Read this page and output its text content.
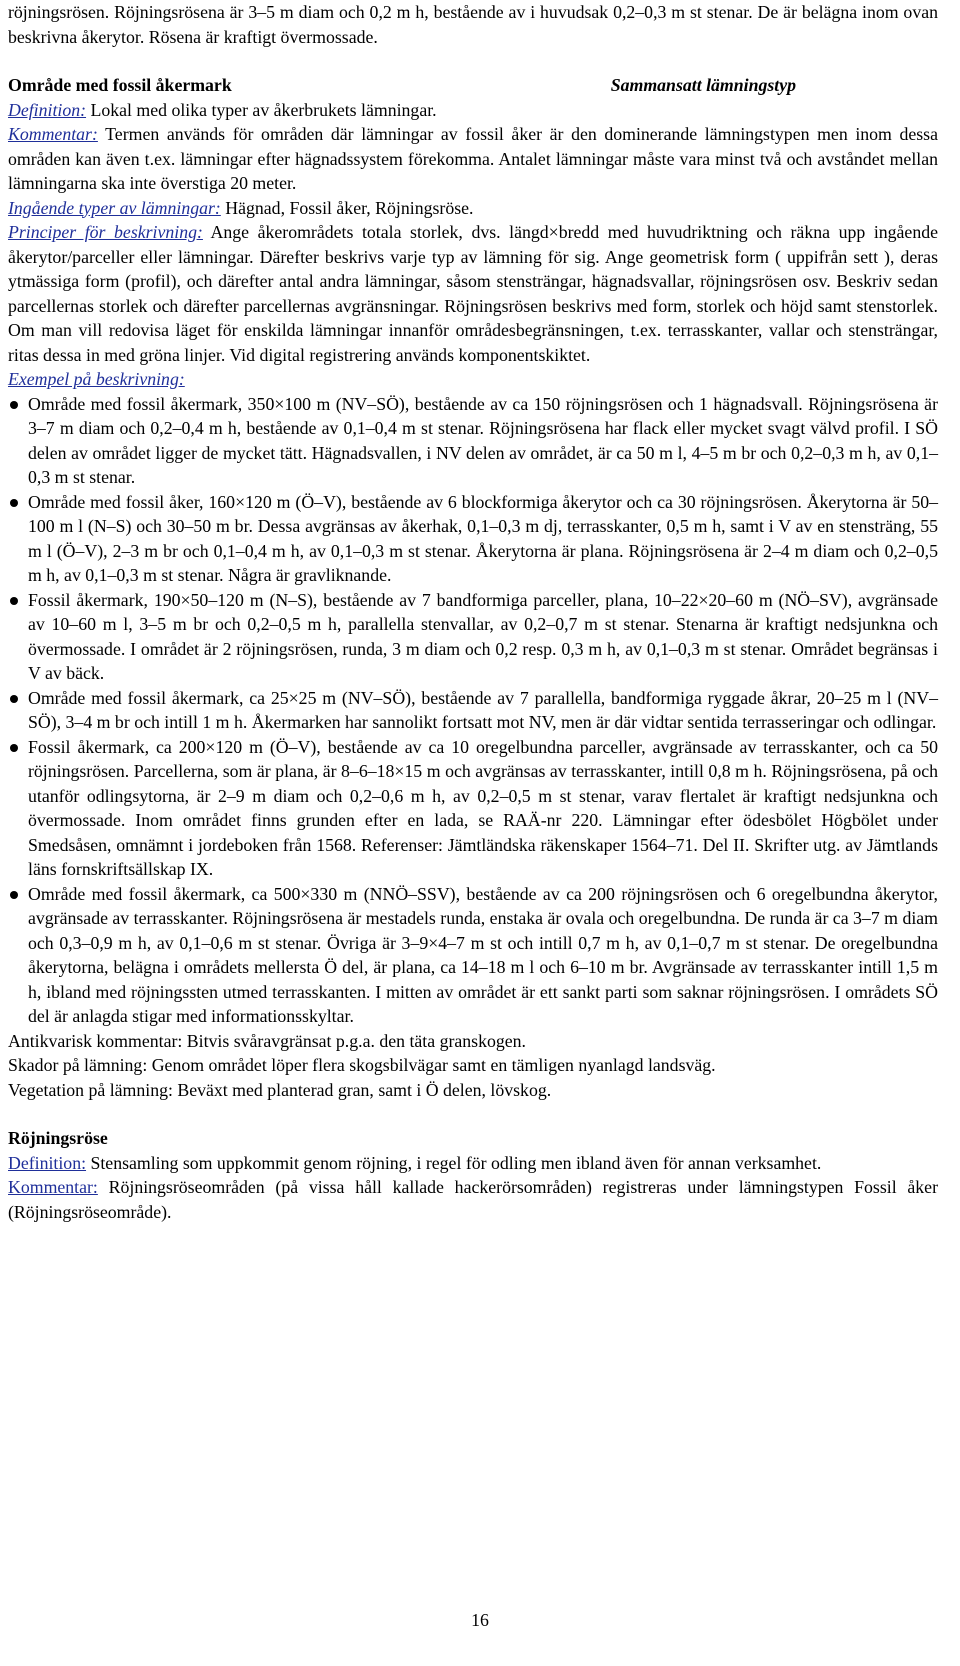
röjningsrösen. Röjningsrösena är 3–5 m diam och 0,2 m h, bestående av i huvudsak 0,2–0,3 m st stenar. De är belägna inom ovan beskrivna åkerytor. Rösena är kraftigt övermossade.

Område med fossil åkermark	Sammansatt lämningstyp

Definition: Lokal med olika typer av åkerbrukets lämningar.

Kommentar: Termen används för områden där lämningar av fossil åker är den dominerande lämningstypen men inom dessa områden kan även t.ex. lämningar efter hägnadssystem förekomma. Antalet lämningar måste vara minst två och avståndet mellan lämningarna ska inte överstiga 20 meter.

Ingående typer av lämningar: Hägnad, Fossil åker, Röjningsröse.

Principer för beskrivning: Ange åkerområdets totala storlek, dvs. längd×bredd med huvudriktning och räkna upp ingående åkerytor/parceller eller lämningar. Därefter beskrivs varje typ av lämning för sig. Ange geometrisk form ( uppifrån sett ), deras ytmässiga form (profil), och därefter antal andra lämningar, såsom stensträngar, hägnadsvallar, röjningsrösen osv. Beskriv sedan parcellernas storlek och därefter parcellernas avgränsningar. Röjningsrösen beskrivs med form, storlek och höjd samt stenstorlek. Om man vill redovisa läget för enskilda lämningar innanför områdesbegränsningen, t.ex. terrasskanter, vallar och stensträngar, ritas dessa in med gröna linjer. Vid digital registrering används komponentskiktet.

Exempel på beskrivning:

Område med fossil åkermark, 350×100 m (NV–SÖ), bestående av ca 150 röjningsrösen och 1 hägnadsvall. Röjningsrösena är 3–7 m diam och 0,2–0,4 m h, bestående av 0,1–0,4 m st stenar. Röjningsrösena har flack eller mycket svagt välvd profil. I SÖ delen av området ligger de mycket tätt. Hägnadsvallen, i NV delen av området, är ca 50 m l, 4–5 m br och 0,2–0,3 m h, av 0,1–0,3 m st stenar.

Område med fossil åker, 160×120 m (Ö–V), bestående av 6 blockformiga åkerytor och ca 30 röjningsrösen. Åkerytorna är 50–100 m l (N–S) och 30–50 m br. Dessa avgränsas av åkerhak, 0,1–0,3 m dj, terrasskanter, 0,5 m h, samt i V av en stensträng, 55 m l (Ö–V), 2–3 m br och 0,1–0,4 m h, av 0,1–0,3 m st stenar. Åkerytorna är plana. Röjningsrösena är 2–4 m diam och 0,2–0,5 m h, av 0,1–0,3 m st stenar. Några är gravliknande.

Fossil åkermark, 190×50–120 m (N–S), bestående av 7 bandformiga parceller, plana, 10–22×20–60 m (NÖ–SV), avgränsade av 10–60 m l, 3–5 m br och 0,2–0,5 m h, parallella stenvallar, av 0,2–0,7 m st stenar. Stenarna är kraftigt nedsjunkna och övermossade. I området är 2 röjningsrösen, runda, 3 m diam och 0,2 resp. 0,3 m h, av 0,1–0,3 m st stenar. Området begränsas i V av bäck.

Område med fossil åkermark, ca 25×25 m (NV–SÖ), bestående av 7 parallella, bandformiga ryggade åkrar, 20–25 m l (NV–SÖ), 3–4 m br och intill 1 m h. Åkermarken har sannolikt fortsatt mot NV, men är där vidtar sentida terrasseringar och odlingar.

Fossil åkermark, ca 200×120 m (Ö–V), bestående av ca 10 oregelbundna parceller, avgränsade av terrasskanter, och ca 50 röjningsrösen. Parcellerna, som är plana, är 8–6–18×15 m och avgränsas av terrasskanter, intill 0,8 m h. Röjningsrösena, på och utanför odlingsytorna, är 2–9 m diam och 0,2–0,6 m h, av 0,2–0,5 m st stenar, varav flertalet är kraftigt nedsjunkna och övermossade. Inom området finns grunden efter en lada, se RAÄ-nr 220. Lämningar efter ödesbölet Högbölet under Smedsåsen, omnämnt i jordeboken från 1568. Referenser: Jämtländska räkenskaper 1564–71. Del II. Skrifter utg. av Jämtlands läns fornskriftsällskap IX.

Område med fossil åkermark, ca 500×330 m (NNÖ–SSV), bestående av ca 200 röjningsrösen och 6 oregelbundna åkerytor, avgränsade av terrasskanter. Röjningsrösena är mestadels runda, enstaka är ovala och oregelbundna. De runda är ca 3–7 m diam och 0,3–0,9 m h, av 0,1–0,6 m st stenar. Övriga är 3–9×4–7 m st och intill 0,7 m h, av 0,1–0,7 m st stenar. De oregelbundna åkerytorna, belägna i områdets mellersta Ö del, är plana, ca 14–18 m l och 6–10 m br. Avgränsade av terrasskanter intill 1,5 m h, ibland med röjningssten utmed terrasskanten. I mitten av området är ett sankt parti som saknar röjningsrösen. I områdets SÖ del är anlagda stigar med informationsskyltar.

Antikvarisk kommentar: Bitvis svåravgränsat p.g.a. den täta granskogen.

Skador på lämning: Genom området löper flera skogsbilvägar samt en tämligen nyanlagd landsväg.

Vegetation på lämning: Beväxt med planterad gran, samt i Ö delen, lövskog.

Röjningsröse

Definition: Stensamling som uppkommit genom röjning, i regel för odling men ibland även för annan verksamhet.

Kommentar: Röjningsröseområden (på vissa håll kallade hackerörsområden) registreras under lämningstypen Fossil åker (Röjningsröseområde).

16
